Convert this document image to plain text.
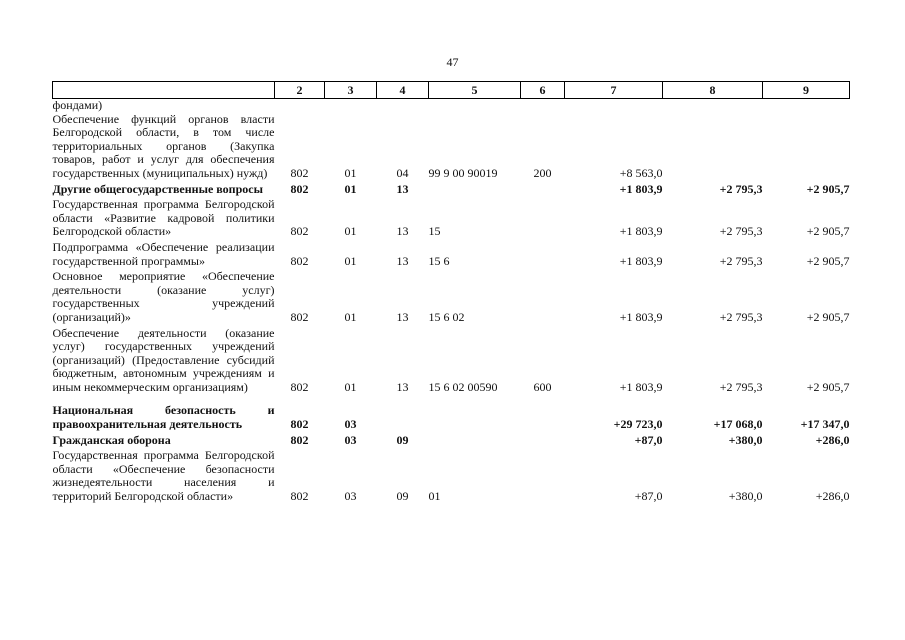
47
	2	3	4	5	6	7	8	9

фондами)
Обеспечение функций органов власти Белгородской области, в том числе территориальных органов (Закупка товаров, работ и услуг для обеспечения государственных (муниципальных) нужд)	802	01	04	99 9 00 90019	200	+8 563,0		

Другие общегосударственные вопросы	802	01	13			+1 803,9	+2 795,3	+2 905,7

Государственная программа Белгородской области «Развитие кадровой политики Белгородской области»	802	01	13	15		+1 803,9	+2 795,3	+2 905,7

Подпрограмма «Обеспечение реализации государственной программы»	802	01	13	15 6		+1 803,9	+2 795,3	+2 905,7

Основное мероприятие «Обеспечение деятельности (оказание услуг) государственных учреждений (организаций)»	802	01	13	15 6 02		+1 803,9	+2 795,3	+2 905,7

Обеспечение деятельности (оказание услуг) государственных учреждений (организаций) (Предоставление субсидий бюджетным, автономным учреждениям и иным некоммерческим организациям)	802	01	13	15 6 02 00590	600	+1 803,9	+2 795,3	+2 905,7

Национальная безопасность и правоохранительная деятельность	802	03				+29 723,0	+17 068,0	+17 347,0

Гражданская оборона	802	03	09			+87,0	+380,0	+286,0

Государственная программа Белгородской области «Обеспечение безопасности жизнедеятельности населения и территорий Белгородской области»	802	03	09	01		+87,0	+380,0	+286,0
